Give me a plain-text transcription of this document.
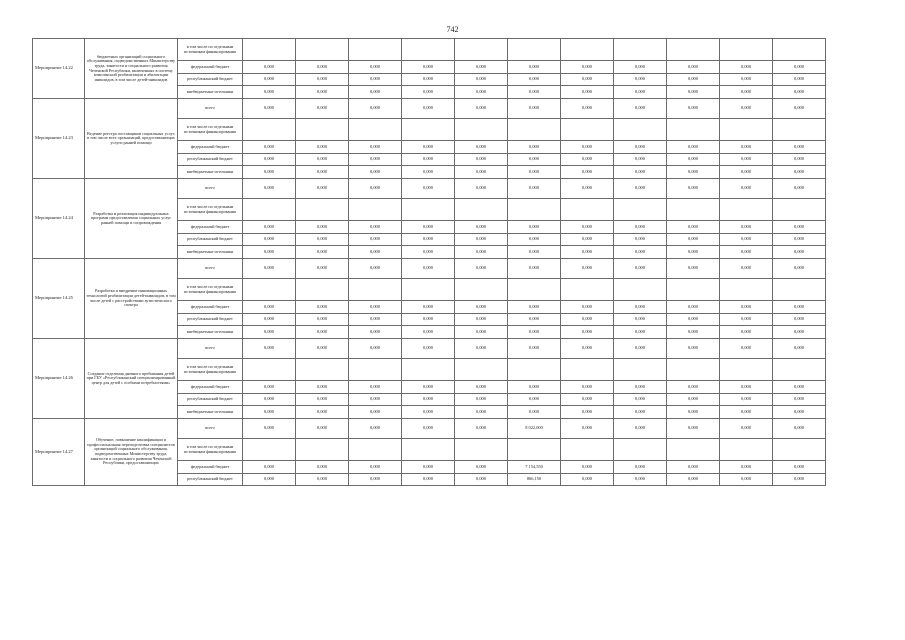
742
Мероприятие 14.22	бюджетных организаций социального обслуживания, подведомственных Министерству труда, занятости и социального развития Чеченской Республики, включенных в систему комплексной реабилитации и абилитации инвалидов, в том числе детей-инвалидов	в том числе по отдельным источникам финансирования											
		федеральный бюджет	0,000	0,000	0,000	0,000	0,000	0,000	0,000	0,000	0,000	0,000	0,000
		республиканский бюджет	0,000	0,000	0,000	0,000	0,000	0,000	0,000	0,000	0,000	0,000	0,000
		внебюджетные источники	0,000	0,000	0,000	0,000	0,000	0,000	0,000	0,000	0,000	0,000	0,000
Мероприятие 14.23	Ведение реестра поставщиков социальных услуг, в том числе всех организаций, предоставляющих услуги ранней помощи	всего	0,000	0,000	0,000	0,000	0,000	0,000	0,000	0,000	0,000	0,000	0,000
		в том числе по отдельным источникам финансирования											
		федеральный бюджет	0,000	0,000	0,000	0,000	0,000	0,000	0,000	0,000	0,000	0,000	0,000
		республиканский бюджет	0,000	0,000	0,000	0,000	0,000	0,000	0,000	0,000	0,000	0,000	0,000
		внебюджетные источники	0,000	0,000	0,000	0,000	0,000	0,000	0,000	0,000	0,000	0,000	0,000
Мероприятие 14.24	Разработка и реализация индивидуальных программ предоставления социальных услуг ранней помощи и сопровождения	всего	0,000	0,000	0,000	0,000	0,000	0,000	0,000	0,000	0,000	0,000	0,000
		в том числе по отдельным источникам финансирования											
		федеральный бюджет	0,000	0,000	0,000	0,000	0,000	0,000	0,000	0,000	0,000	0,000	0,000
		республиканский бюджет	0,000	0,000	0,000	0,000	0,000	0,000	0,000	0,000	0,000	0,000	0,000
		внебюджетные источники	0,000	0,000	0,000	0,000	0,000	0,000	0,000	0,000	0,000	0,000	0,000
Мероприятие 14.25	Разработка и внедрение инновационных технологий реабилитации детей-инвалидов, в том числе детей с расстройствами аутистического спектра	всего	0,000	0,000	0,000	0,000	0,000	0,000	0,000	0,000	0,000	0,000	0,000
		в том числе по отдельным источникам финансирования											
		федеральный бюджет	0,000	0,000	0,000	0,000	0,000	0,000	0,000	0,000	0,000	0,000	0,000
		республиканский бюджет	0,000	0,000	0,000	0,000	0,000	0,000	0,000	0,000	0,000	0,000	0,000
		внебюджетные источники	0,000	0,000	0,000	0,000	0,000	0,000	0,000	0,000	0,000	0,000	0,000
Мероприятие 14.26	Создание отделения дневного пребывания детей при ГБУ «Республиканский специализированный центр для детей с особыми потребностями»	всего	0,000	0,000	0,000	0,000	0,000	0,000	0,000	0,000	0,000	0,000	0,000
		в том числе по отдельным источникам финансирования											
		федеральный бюджет	0,000	0,000	0,000	0,000	0,000	0,000	0,000	0,000	0,000	0,000	0,000
		республиканский бюджет	0,000	0,000	0,000	0,000	0,000	0,000	0,000	0,000	0,000	0,000	0,000
		внебюджетные источники	0,000	0,000	0,000	0,000	0,000	0,000	0,000	0,000	0,000	0,000	0,000
Мероприятие 14.27	Обучение, повышение квалификации и профессиональная переподготовка специалистов организаций социального обслуживания, подведомственных Министерству труда, занятости и социального развития Чеченской Республики, предоставляющих	всего	0,000	0,000	0,000	0,000	0,000	8 022,000	0,000	0,000	0,000	0,000	0,000
		в том числе по отдельным источникам финансирования											
		федеральный бюджет	0,000	0,000	0,000	0,000	0,000	7 154,550	0,000	0,000	0,000	0,000	0,000
		республиканский бюджет	0,000	0,000	0,000	0,000	0,000	866,150	0,000	0,000	0,000	0,000	0,000
